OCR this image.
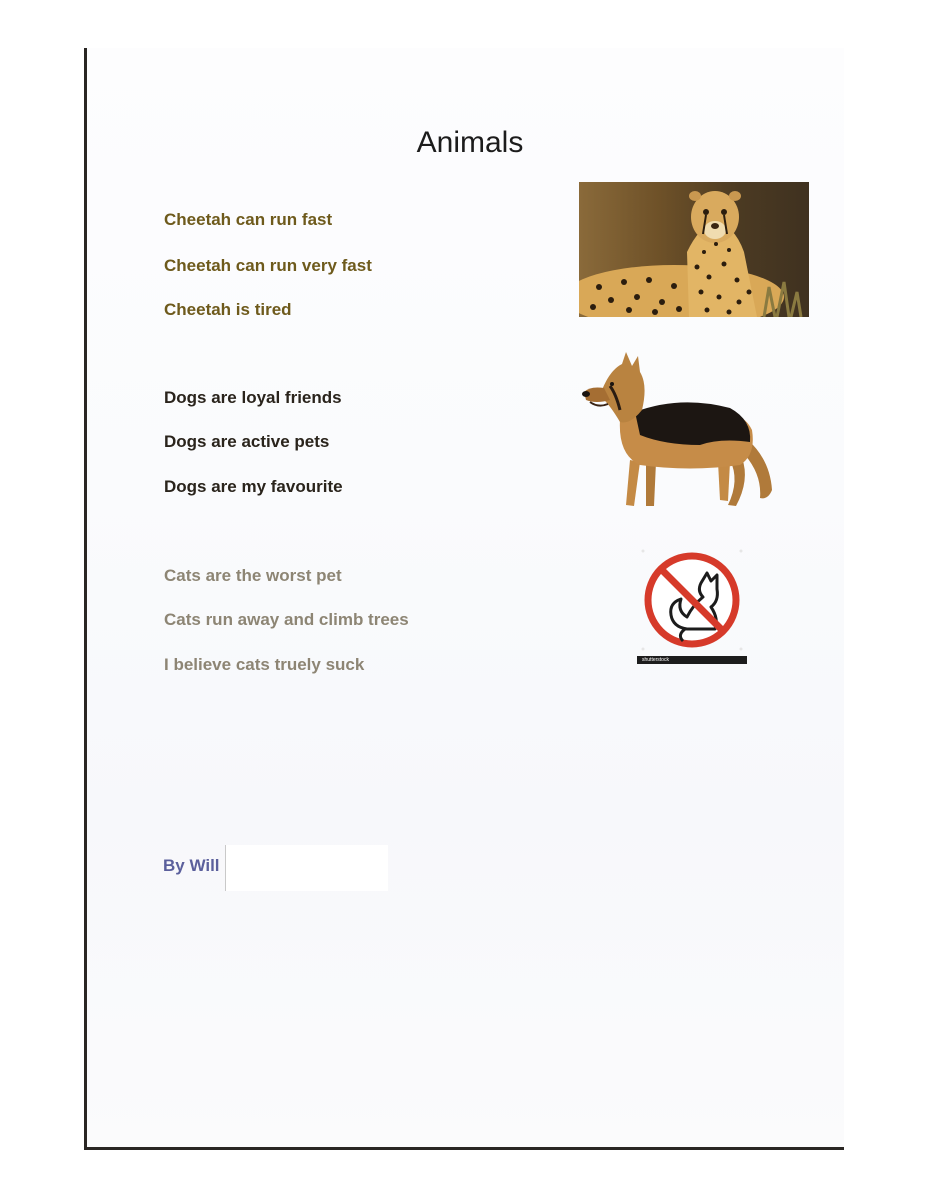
Animals
Cheetah can run fast
Cheetah can run very fast
Cheetah is tired
Dogs are loyal friends
Dogs are active pets
Dogs are my favourite
Cats are the worst pet
Cats run away and climb trees
I believe cats truely suck
By Will
shutterstock
